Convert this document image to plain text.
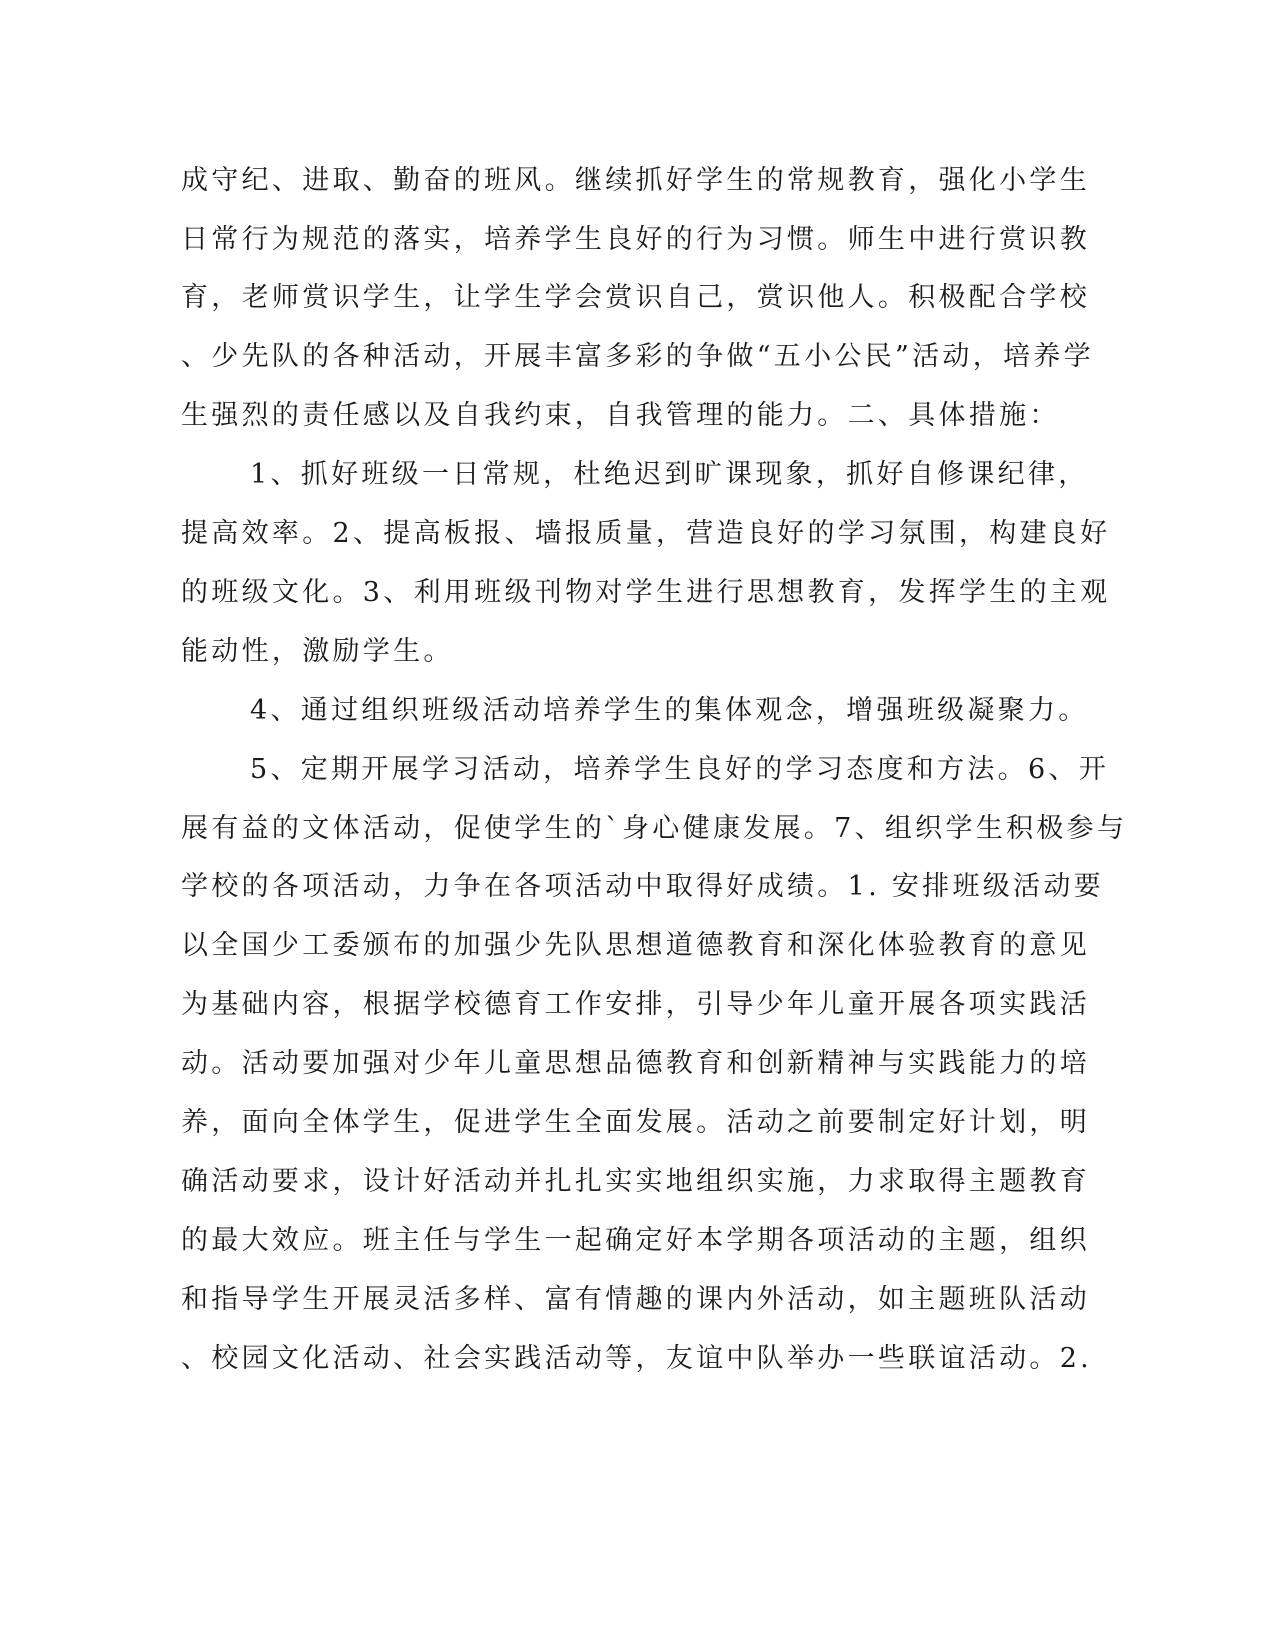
成守纪、进取、勤奋的班风。继续抓好学生的常规教育，强化小学生
日常行为规范的落实，培养学生良好的行为习惯。师生中进行赏识教
育，老师赏识学生，让学生学会赏识自己，赏识他人。积极配合学校
、少先队的各种活动，开展丰富多彩的争做“五小公民”活动，培养学
生强烈的责任感以及自我约束，自我管理的能力。二、具体措施：
1、抓好班级一日常规，杜绝迟到旷课现象，抓好自修课纪律，
提高效率。2、提高板报、墙报质量，营造良好的学习氛围，构建良好
的班级文化。3、利用班级刊物对学生进行思想教育，发挥学生的主观
能动性，激励学生。
4、通过组织班级活动培养学生的集体观念，增强班级凝聚力。
5、定期开展学习活动，培养学生良好的学习态度和方法。6、开
展有益的文体活动，促使学生的`身心健康发展。7、组织学生积极参与
学校的各项活动，力争在各项活动中取得好成绩。1. 安排班级活动要
以全国少工委颁布的加强少先队思想道德教育和深化体验教育的意见
为基础内容，根据学校德育工作安排，引导少年儿童开展各项实践活
动。活动要加强对少年儿童思想品德教育和创新精神与实践能力的培
养，面向全体学生，促进学生全面发展。活动之前要制定好计划，明
确活动要求，设计好活动并扎扎实实地组织实施，力求取得主题教育
的最大效应。班主任与学生一起确定好本学期各项活动的主题，组织
和指导学生开展灵活多样、富有情趣的课内外活动，如主题班队活动
、校园文化活动、社会实践活动等，友谊中队举办一些联谊活动。2.
